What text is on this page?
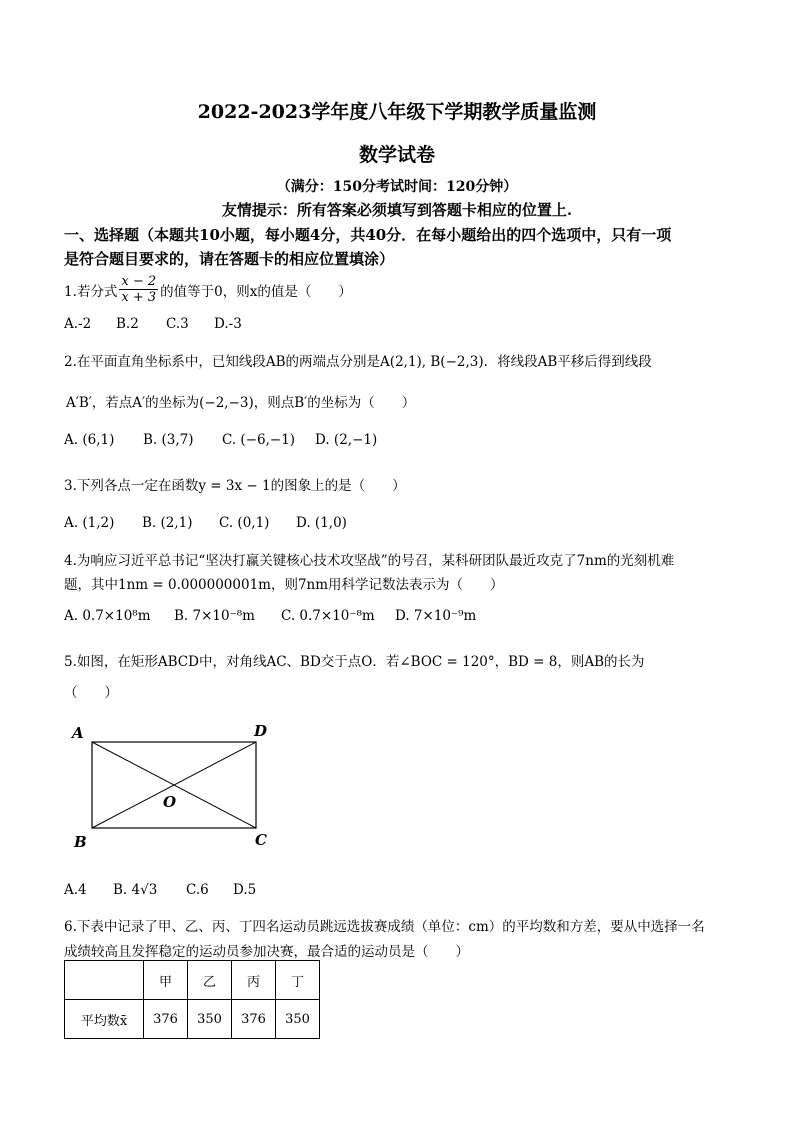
2022-2023学年度八年级下学期教学质量监测
数学试卷
（满分：150分考试时间：120分钟）
友情提示：所有答案必须填写到答题卡相应的位置上.
一、选择题（本题共10小题，每小题4分，共40分．在每小题给出的四个选项中，只有一项
是符合题目要求的，请在答题卡的相应位置填涂）
1.若分式 $\frac{x - 2}{x + 3}$ 的值等于0，则x的值是（　　）
A.-2 B.2 C.3 D.-3
2.在平面直角坐标系中，已知线段AB的两端点分别是A(2,1), B(−2,3)．将线段AB平移后得到线段
A′B′，若点A′的坐标为(−2,−3)，则点B′的坐标为（　　）
A. (6,1) B. (3,7) C. (−6,−1) D. (2,−1)
3.下列各点一定在函数y = 3x − 1的图象上的是（　　）
A. (1,2) B. (2,1) C. (0,1) D. (1,0)
4.为响应习近平总书记“坚决打赢关键核心技术攻坚战”的号召，某科研团队最近攻克了7nm的光刻机难
题，其中1nm = 0.000000001m，则7nm用科学记数法表示为（　　）
A. 0.7×10⁸m B. 7×10⁻⁸m C. 0.7×10⁻⁸m D. 7×10⁻⁹m
5.如图，在矩形ABCD中，对角线AC、BD交于点O．若∠BOC = 120°，BD = 8，则AB的长为
（　　）
A	D
B	C
O
A.4 B. 4√3 C.6 D.5
6.下表中记录了甲、乙、丙、丁四名运动员跳远选拔赛成绩（单位：cm）的平均数和方差，要从中选择一名
成绩较高且发挥稳定的运动员参加决赛，最合适的运动员是（　　）
	甲	乙	丙	丁
平均数x̄	376	350	376	350
